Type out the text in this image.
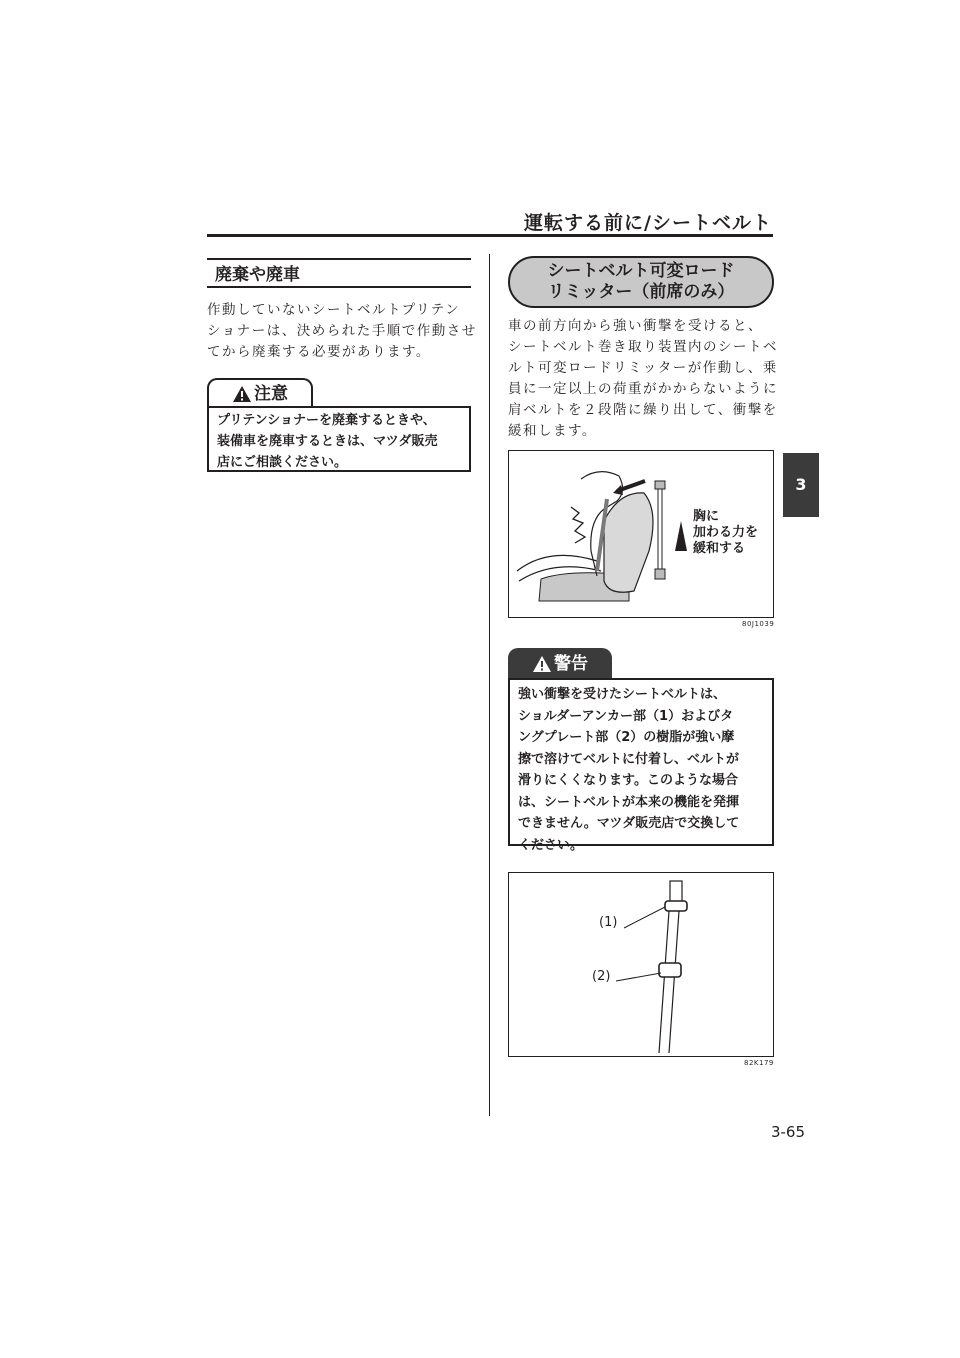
運転する前に/シートベルト
3
廃棄や廃車

作動していないシートベルトプリテン

ショナーは、決められた手順で作動させ

てから廃棄する必要があります。

注意
プリテンショナーを廃棄するときや、
装備車を廃車するときは、マツダ販売
店にご相談ください。
シートベルト可変ロード
リミッター（前席のみ）

車の前方向から強い衝撃を受けると、

シートベルト巻き取り装置内のシートベ

ルト可変ロードリミッターが作動し、乗

員に一定以上の荷重がかからないように

肩ベルトを２段階に繰り出して、衝撃を

緩和します。

胸に
加わる力を
緩和する
80J1039
警告
強い衝撃を受けたシートベルトは、
ショルダーアンカー部（1）およびタ
ングプレート部（2）の樹脂が強い摩
擦で溶けてベルトに付着し、ベルトが
滑りにくくなります。このような場合
は、シートベルトが本来の機能を発揮
できません。マツダ販売店で交換して
ください。
(1)
(2)
82K179
3-65
